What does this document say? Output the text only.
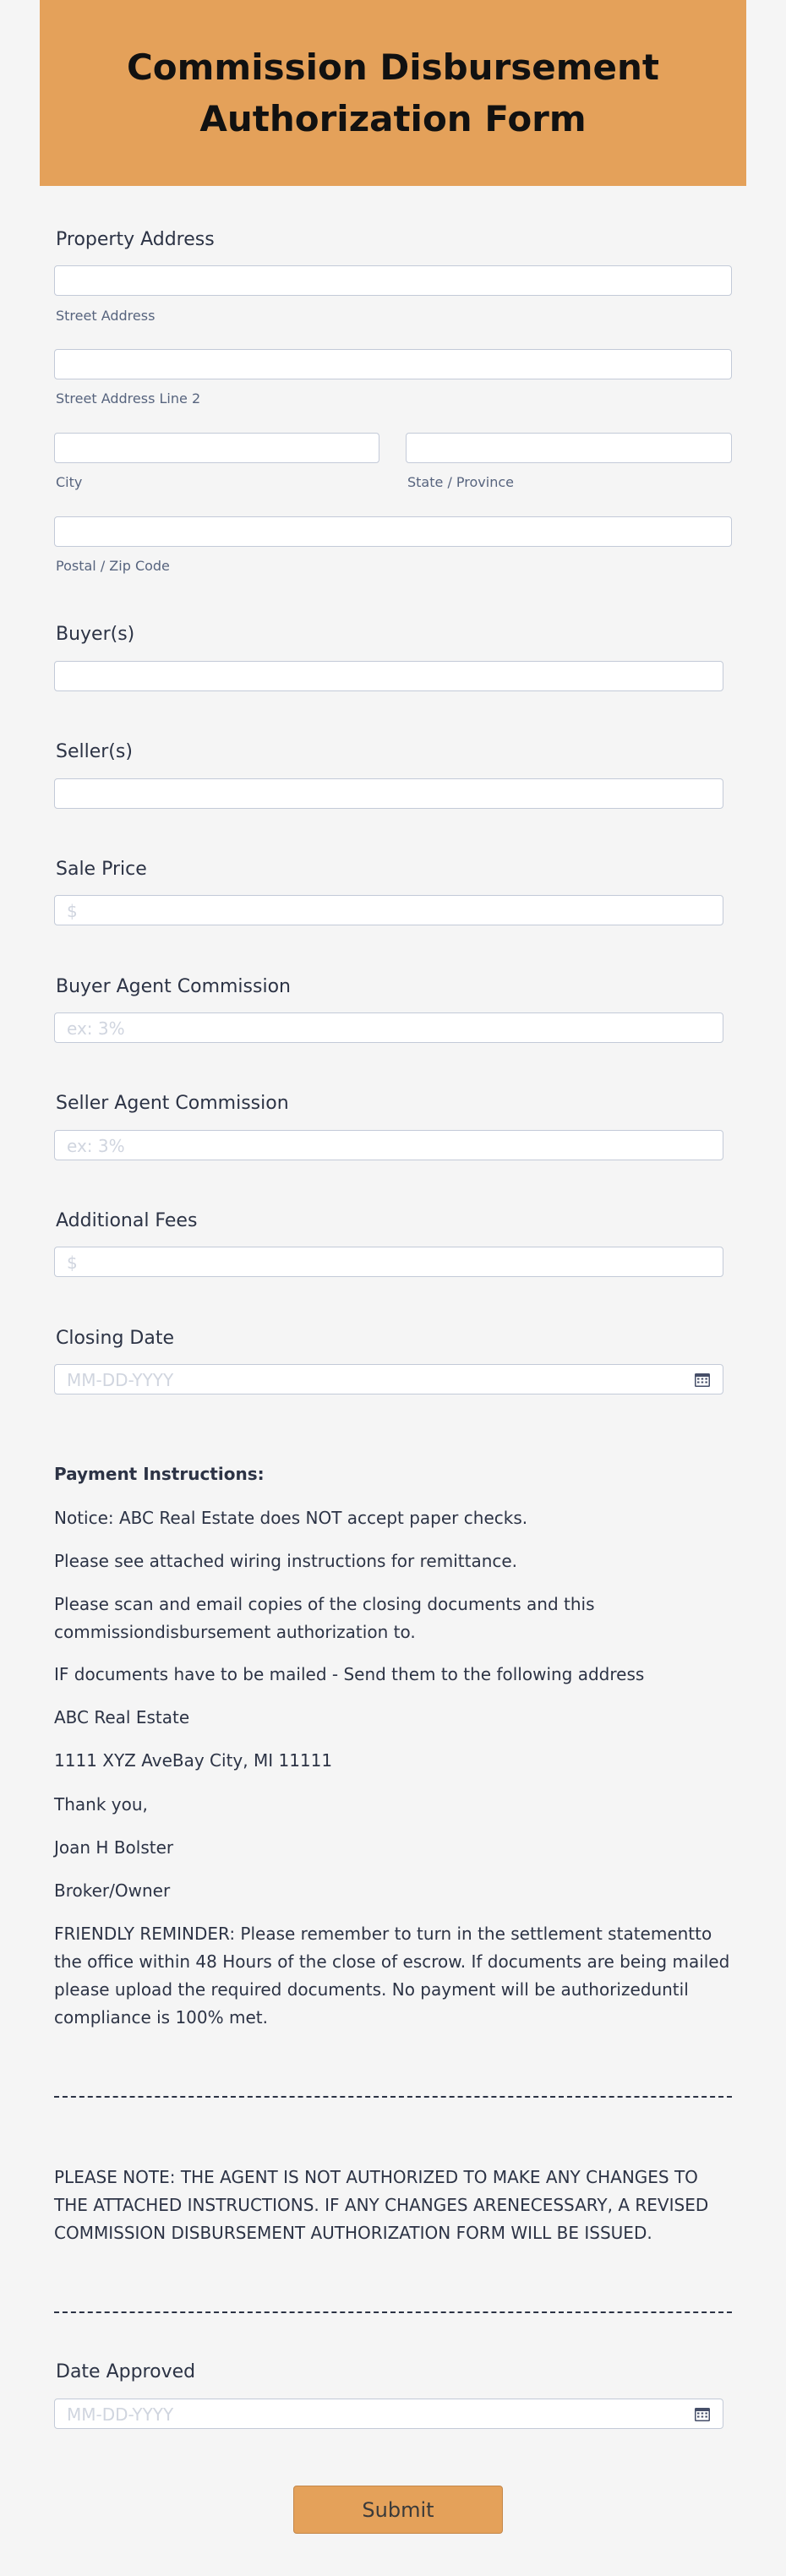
Commission Disbursement Authorization Form
Property Address
Street Address
Street Address Line 2
City	State / Province
Postal / Zip Code
Buyer(s)
Seller(s)
Sale Price
$
Buyer Agent Commission
ex: 3%
Seller Agent Commission
ex: 3%
Additional Fees
$
Closing Date
MM-DD-YYYY
Payment Instructions:
Notice: ABC Real Estate does NOT accept paper checks.
Please see attached wiring instructions for remittance.
Please scan and email copies of the closing documents and this commissiondisbursement authorization to.
IF documents have to be mailed - Send them to the following address
ABC Real Estate
1111 XYZ AveBay City, MI 11111
Thank you,
Joan H Bolster
Broker/Owner
FRIENDLY REMINDER: Please remember to turn in the settlement statementto the office within 48 Hours of the close of escrow. If documents are being mailed please upload the required documents. No payment will be authorizeduntil compliance is 100% met.
PLEASE NOTE: THE AGENT IS NOT AUTHORIZED TO MAKE ANY CHANGES TO THE ATTACHED INSTRUCTIONS. IF ANY CHANGES ARENECESSARY, A REVISED COMMISSION DISBURSEMENT AUTHORIZATION FORM WILL BE ISSUED.
Date Approved
MM-DD-YYYY
Submit
